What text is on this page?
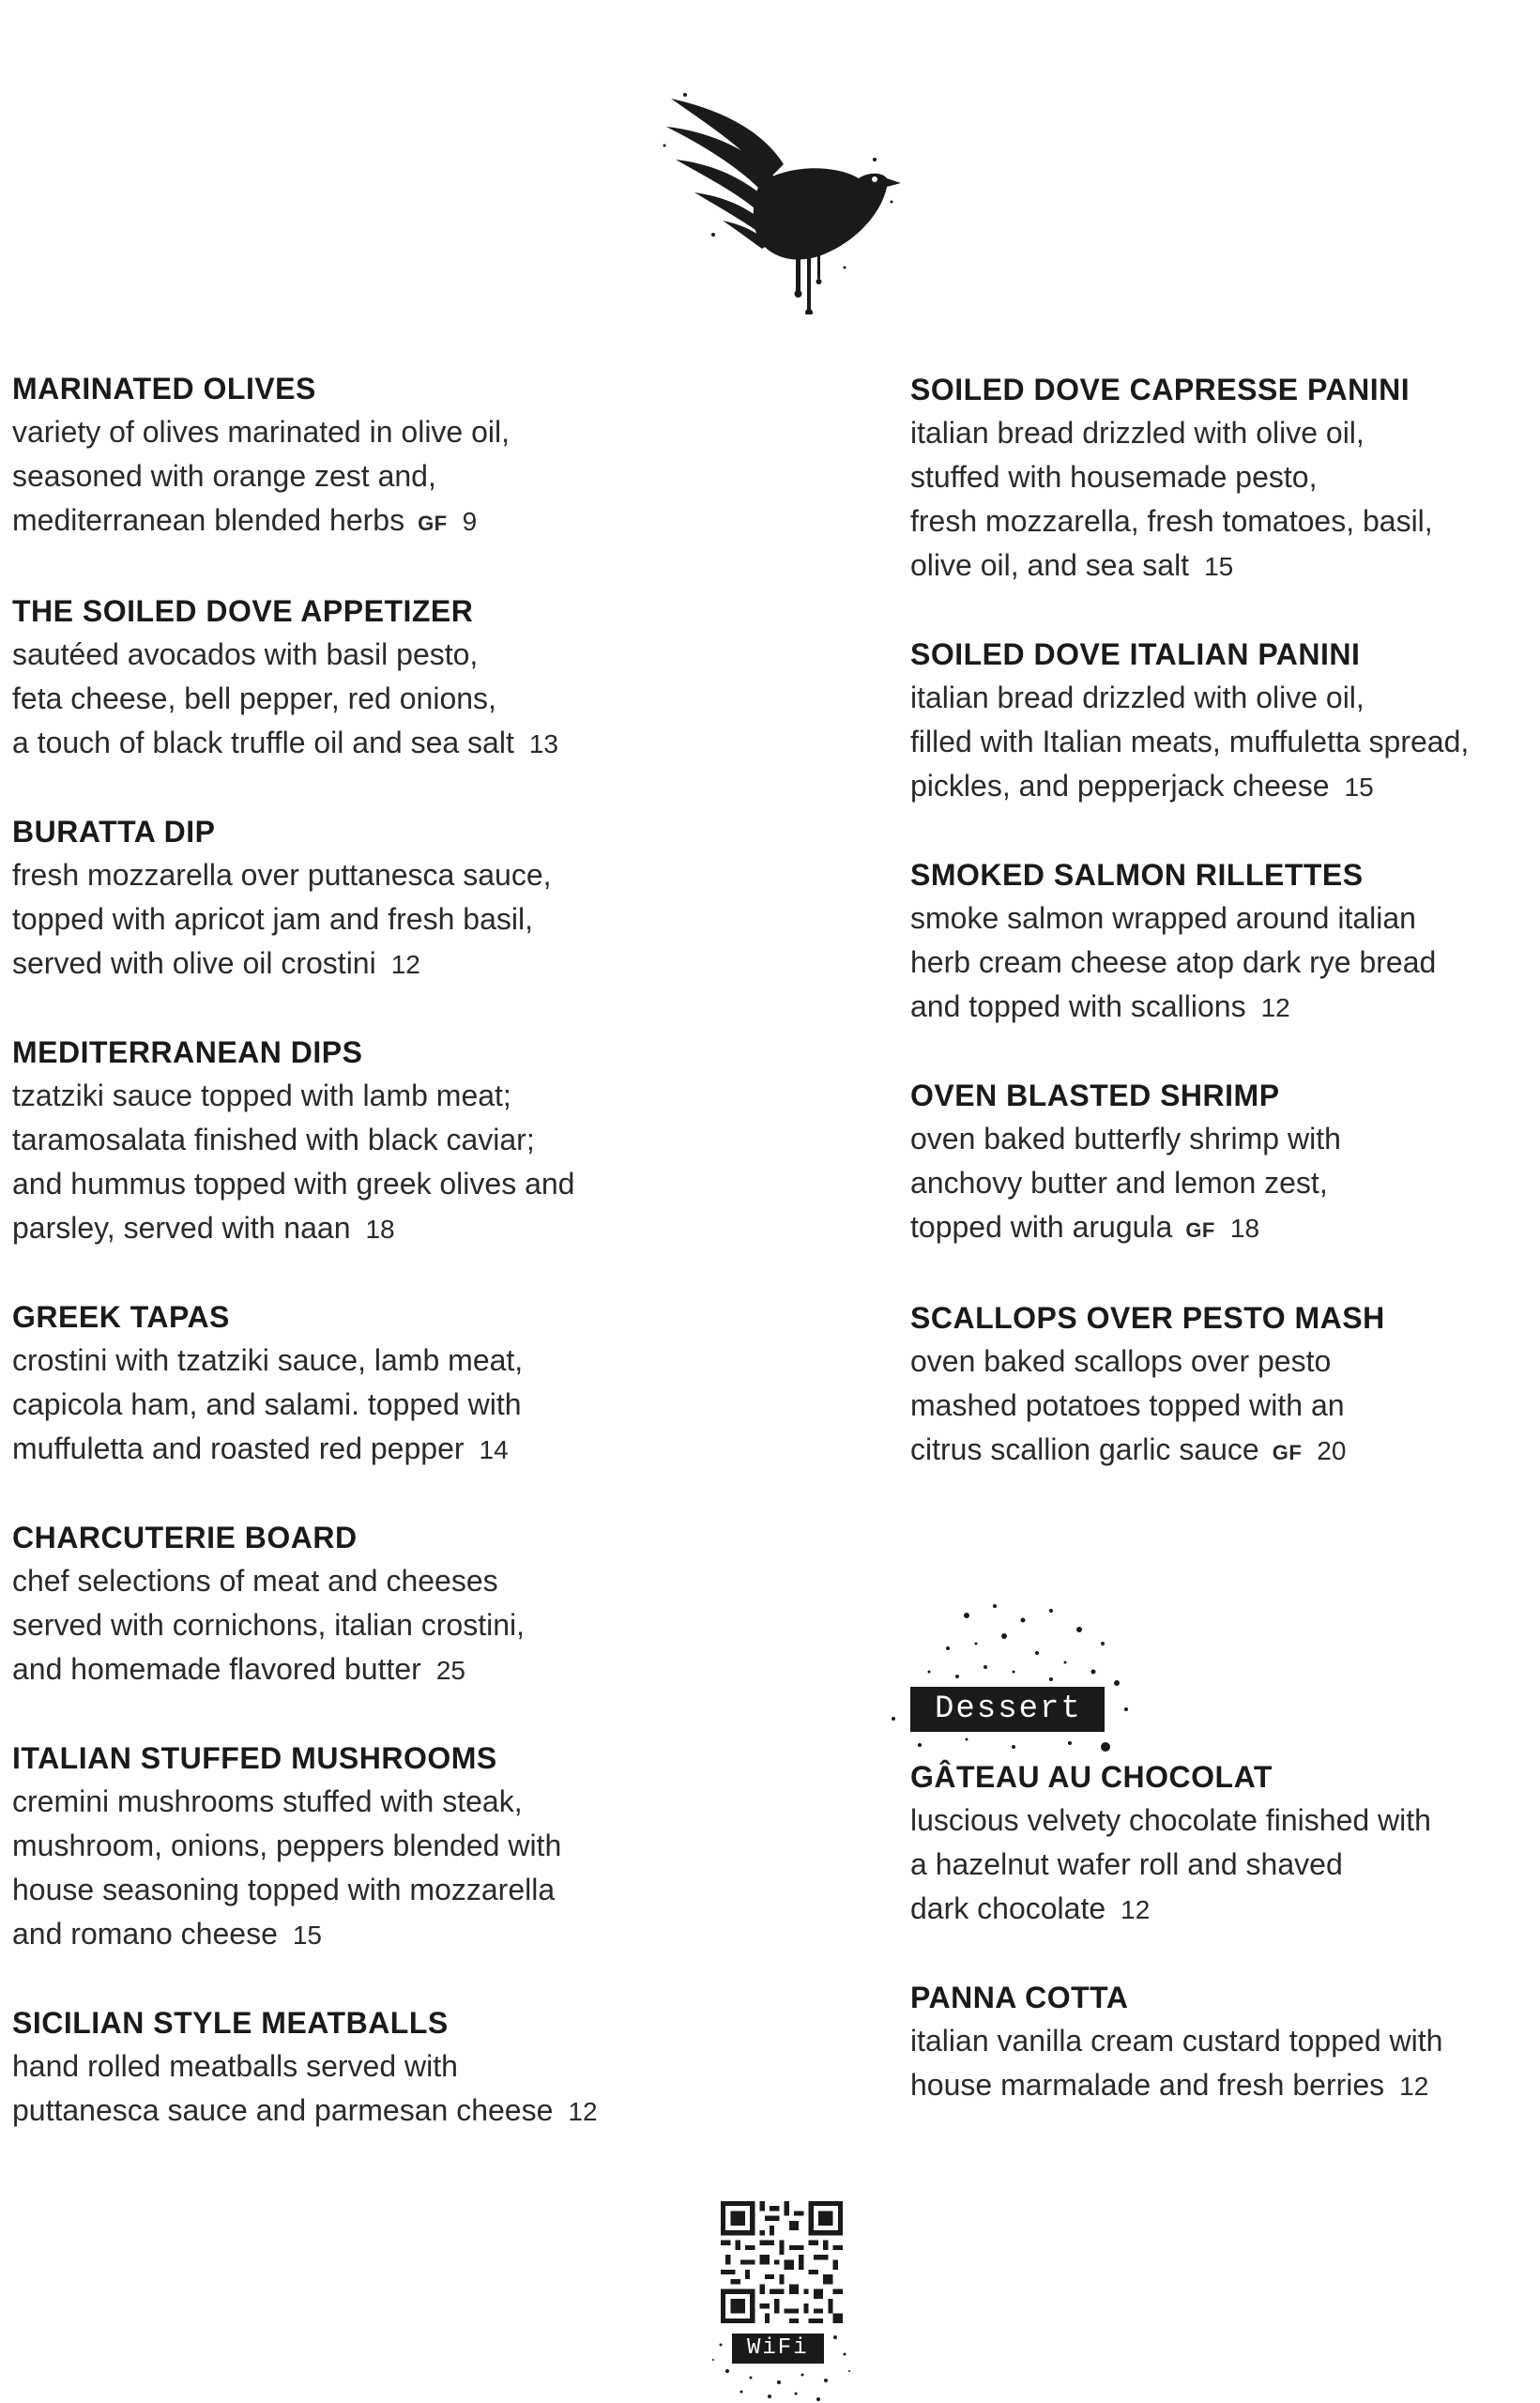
MARINATED OLIVES
variety of olives marinated in olive oil,
seasoned with orange zest and,
mediterranean blended herbs GF 9
THE SOILED DOVE APPETIZER
sautéed avocados with basil pesto,
feta cheese, bell pepper, red onions,
a touch of black truffle oil and sea salt 13
BURATTA DIP
fresh mozzarella over puttanesca sauce,
topped with apricot jam and fresh basil,
served with olive oil crostini 12
MEDITERRANEAN DIPS
tzatziki sauce topped with lamb meat;
taramosalata finished with black caviar;
and hummus topped with greek olives and
parsley, served with naan 18
GREEK TAPAS
crostini with tzatziki sauce, lamb meat,
capicola ham, and salami. topped with
muffuletta and roasted red pepper 14
CHARCUTERIE BOARD
chef selections of meat and cheeses
served with cornichons, italian crostini,
and homemade flavored butter 25
ITALIAN STUFFED MUSHROOMS
cremini mushrooms stuffed with steak,
mushroom, onions, peppers blended with
house seasoning topped with mozzarella
and romano cheese 15
SICILIAN STYLE MEATBALLS
hand rolled meatballs served with
puttanesca sauce and parmesan cheese 12
SOILED DOVE CAPRESSE PANINI
italian bread drizzled with olive oil,
stuffed with housemade pesto,
fresh mozzarella, fresh tomatoes, basil,
olive oil, and sea salt 15
SOILED DOVE ITALIAN PANINI
italian bread drizzled with olive oil,
filled with Italian meats, muffuletta spread,
pickles, and pepperjack cheese 15
SMOKED SALMON RILLETTES
smoke salmon wrapped around italian
herb cream cheese atop dark rye bread
and topped with scallions 12
OVEN BLASTED SHRIMP
oven baked butterfly shrimp with
anchovy butter and lemon zest,
topped with arugula GF 18
SCALLOPS OVER PESTO MASH
oven baked scallops over pesto
mashed potatoes topped with an
citrus scallion garlic sauce GF 20
Dessert
GÂTEAU AU CHOCOLAT
luscious velvety chocolate finished with
a hazelnut wafer roll and shaved
dark chocolate 12
PANNA COTTA
italian vanilla cream custard topped with
house marmalade and fresh berries 12
WiFi
